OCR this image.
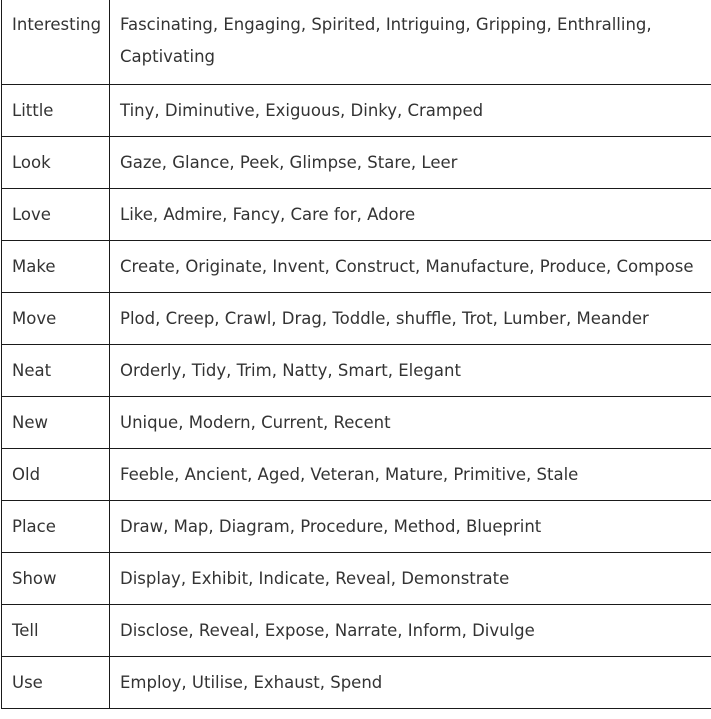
Interesting	Fascinating, Engaging, Spirited, Intriguing, Gripping, Enthralling, Captivating
Little	Tiny, Diminutive, Exiguous, Dinky, Cramped
Look	Gaze, Glance, Peek, Glimpse, Stare, Leer
Love	Like, Admire, Fancy, Care for, Adore
Make	Create, Originate, Invent, Construct, Manufacture, Produce, Compose
Move	Plod, Creep, Crawl, Drag, Toddle, shuffle, Trot, Lumber, Meander
Neat	Orderly, Tidy, Trim, Natty, Smart, Elegant
New	Unique, Modern, Current, Recent
Old	Feeble, Ancient, Aged, Veteran, Mature, Primitive, Stale
Place	Draw, Map, Diagram, Procedure, Method, Blueprint
Show	Display, Exhibit, Indicate, Reveal, Demonstrate
Tell	Disclose, Reveal, Expose, Narrate, Inform, Divulge
Use	Employ, Utilise, Exhaust, Spend
